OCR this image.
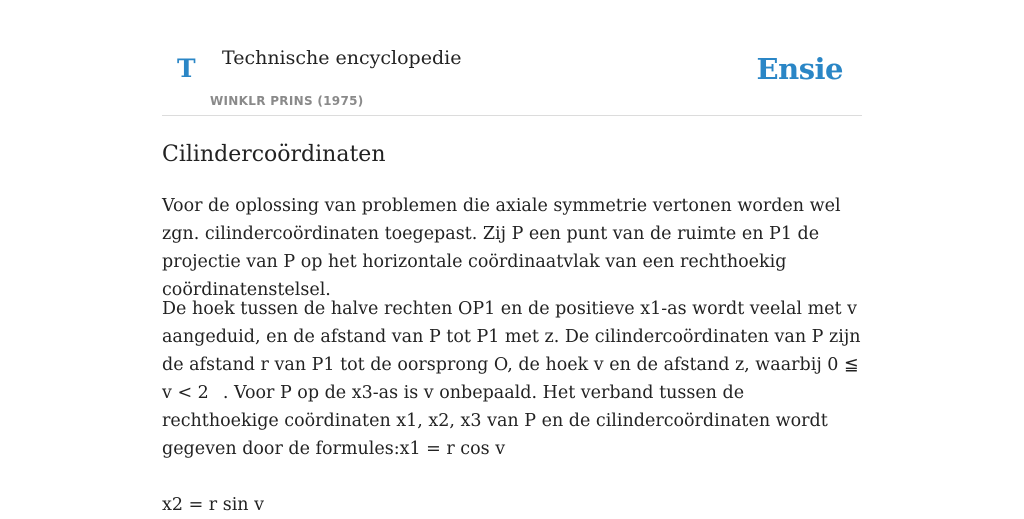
T Technische encyclopedie
WINKLR PRINS (1975)
Ensie
Cilindercoördinaten

Voor de oplossing van problemen die axiale symmetrie vertonen worden wel zgn. cilindercoördinaten toegepast. Zij P een punt van de ruimte en P1 de projectie van P op het horizontale coördinaatvlak van een rechthoekig coördinatenstelsel.

De hoek tussen de halve rechten OP1 en de positieve x1-as wordt veelal met v aangeduid, en de afstand van P tot P1 met z. De cilindercoördinaten van P zijn de afstand r van P1 tot de oorsprong O, de hoek v en de afstand z, waarbij 0 ≦ v < 2 . Voor P op de x3-as is v onbepaald. Het verband tussen de rechthoekige coördinaten x1, x2, x3 van P en de cilindercoördinaten wordt gegeven door de formules:x1 = r cos v

x2 = r sin v
